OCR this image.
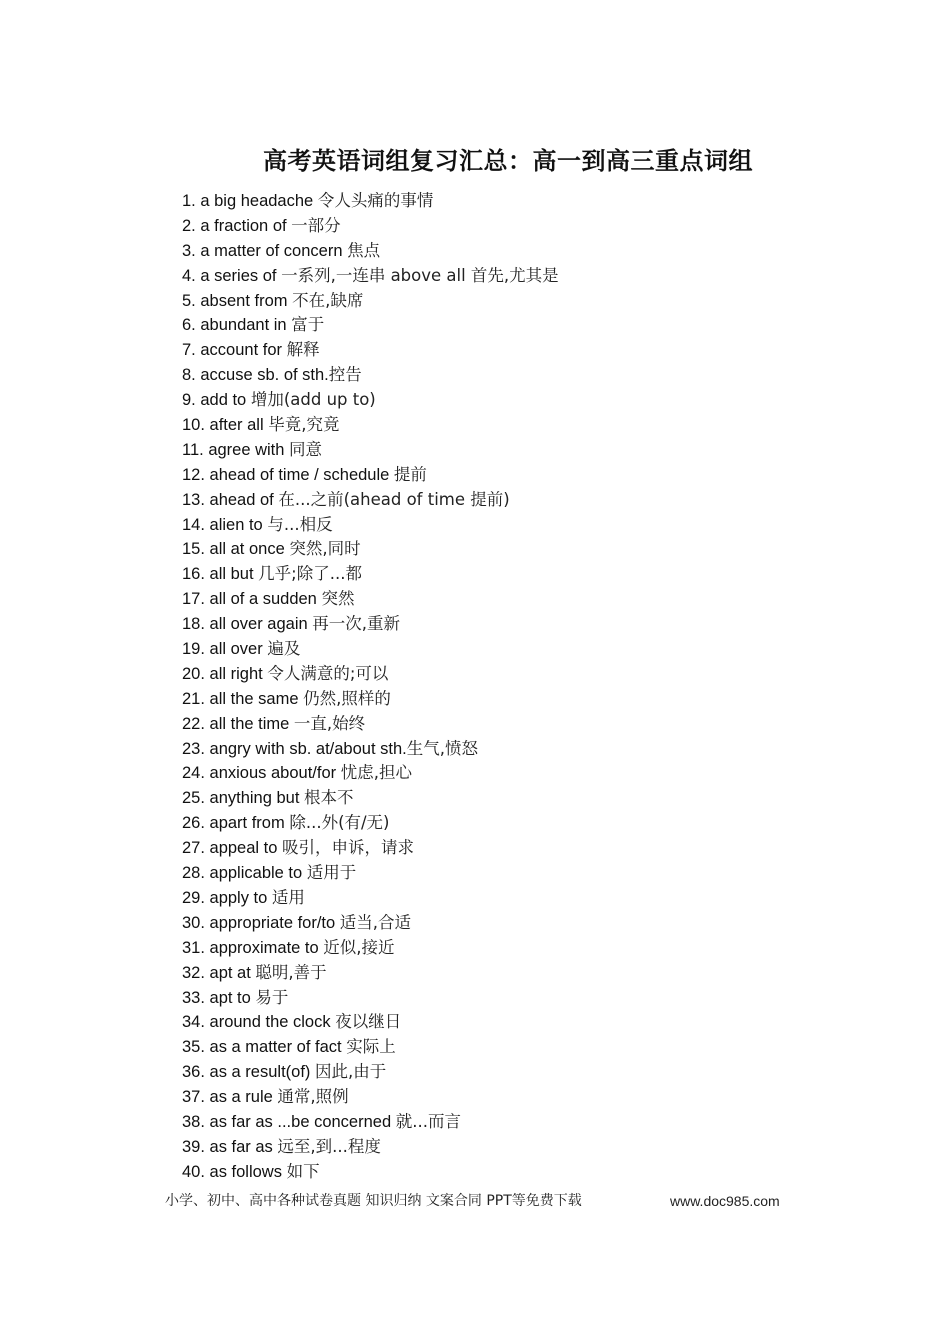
高考英语词组复习汇总：高一到高三重点词组
1. a big headache 令人头痛的事情
2. a fraction of 一部分
3. a matter of concern 焦点
4. a series of 一系列,一连串 above all 首先,尤其是
5. absent from 不在,缺席
6. abundant in 富于
7. account for 解释
8. accuse sb. of sth.控告
9. add to 增加(add up to)
10. after all 毕竟,究竟
11. agree with 同意
12. ahead of time / schedule 提前
13. ahead of 在...之前(ahead of time 提前)
14. alien to 与...相反
15. all at once 突然,同时
16. all but 几乎;除了...都
17. all of a sudden 突然
18. all over again 再一次,重新
19. all over 遍及
20. all right 令人满意的;可以
21. all the same 仍然,照样的
22. all the time 一直,始终
23. angry with sb. at/about sth.生气,愤怒
24. anxious about/for 忧虑,担心
25. anything but 根本不
26. apart from 除...外(有/无)
27. appeal to 吸引，申诉，请求
28. applicable to 适用于
29. apply to 适用
30. appropriate for/to 适当,合适
31. approximate to 近似,接近
32. apt at 聪明,善于
33. apt to 易于
34. around the clock 夜以继日
35. as a matter of fact 实际上
36. as a result(of) 因此,由于
37. as a rule 通常,照例
38. as far as ...be concerned 就...而言
39. as far as 远至,到...程度
40. as follows 如下
小学、初中、高中各种试卷真题 知识归纳 文案合同 PPT等免费下载	www.doc985.com
